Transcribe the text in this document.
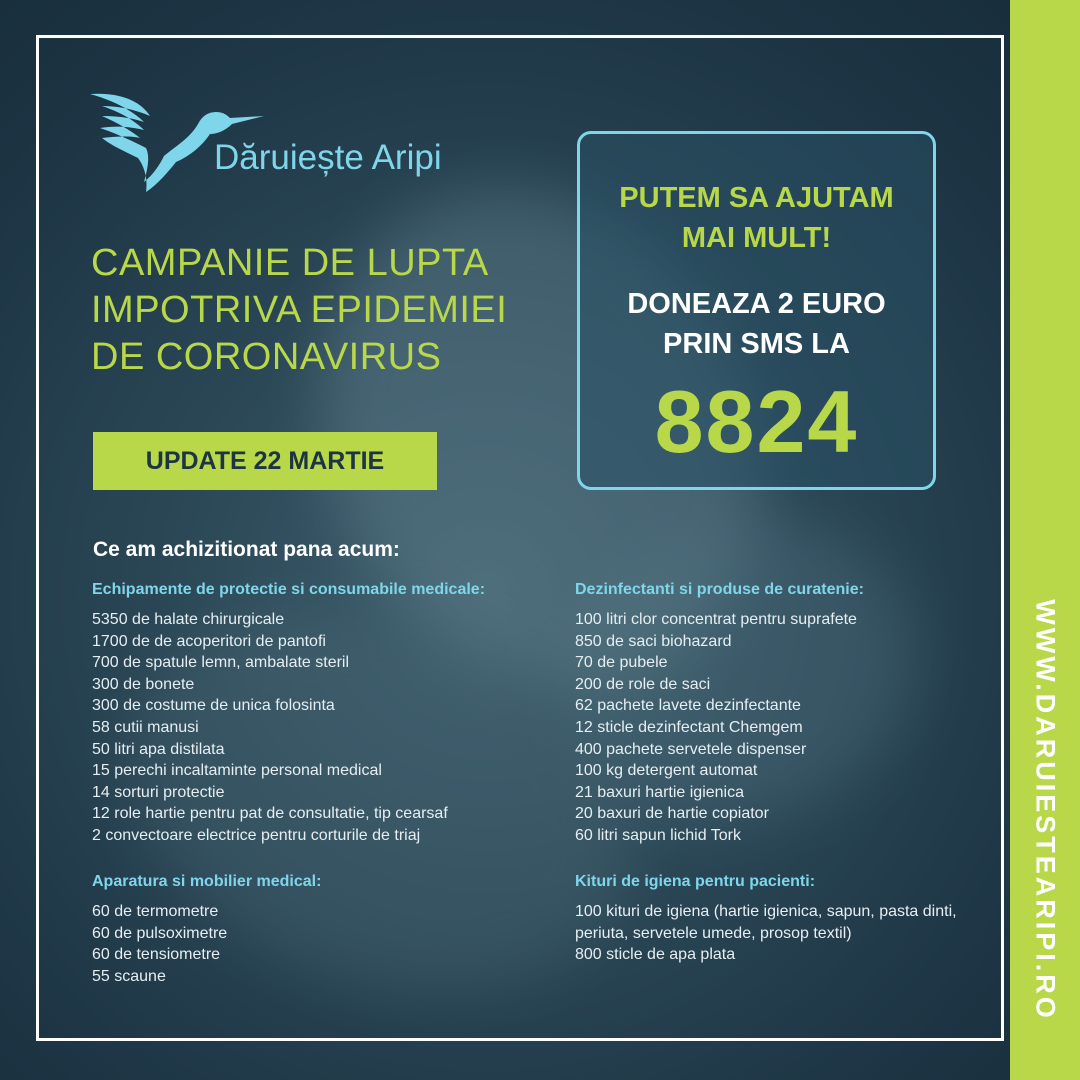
WWW.DARUIESTEARIPI.RO
Dăruiește Aripi
CAMPANIE DE LUPTA
IMPOTRIVA EPIDEMIEI
DE CORONAVIRUS
UPDATE 22 MARTIE
PUTEM SA AJUTAM
MAI MULT!
DONEAZA 2 EURO
PRIN SMS LA
8824
Ce am achizitionat pana acum:
Echipamente de protectie si consumabile medicale:
5350 de halate chirurgicale
1700 de de acoperitori de pantofi
700 de spatule lemn, ambalate steril
300 de bonete
300 de costume de unica folosinta
58 cutii manusi
50 litri apa distilata
15 perechi incaltaminte personal medical
14 sorturi protectie
12 role hartie pentru pat de consultatie, tip cearsaf
2 convectoare electrice pentru corturile de triaj
Aparatura si mobilier medical:
60 de termometre
60 de pulsoximetre
60 de tensiometre
55 scaune
Dezinfectanti si produse de curatenie:
100 litri clor concentrat pentru suprafete
850 de saci biohazard
70 de pubele
200 de role de saci
62 pachete lavete dezinfectante
12 sticle dezinfectant Chemgem
400 pachete servetele dispenser
100 kg detergent automat
21 baxuri hartie igienica
20 baxuri de hartie copiator
60 litri sapun lichid Tork
Kituri de igiena pentru pacienti:
100 kituri de igiena (hartie igienica, sapun, pasta dinti, periuta, servetele umede, prosop textil)
800 sticle de apa plata
